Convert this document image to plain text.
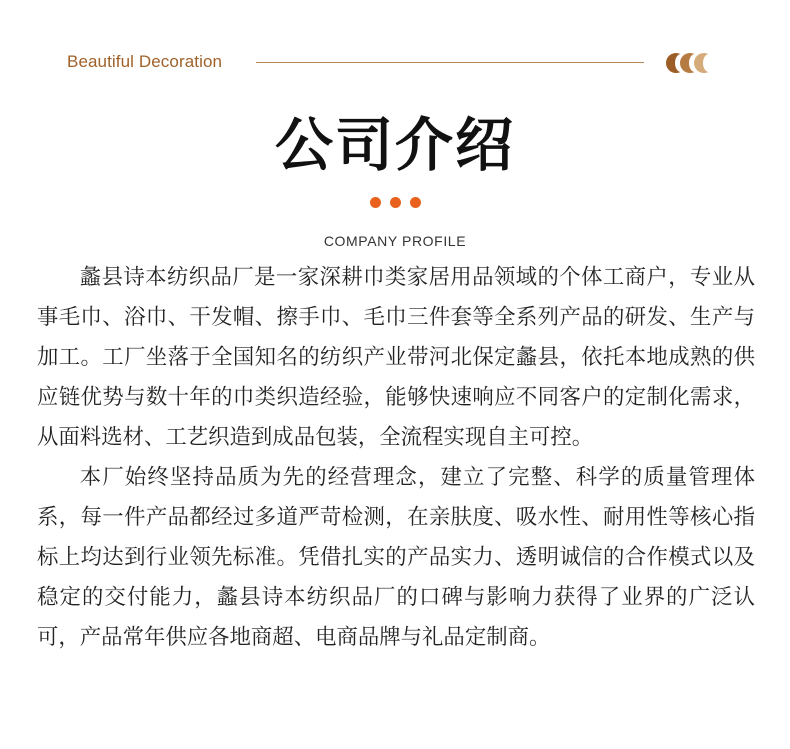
Beautiful Decoration
公司介绍
COMPANY PROFILE

蠡县诗本纺织品厂是一家深耕巾类家居用品领域的个体工商户，专业从事毛巾、浴巾、干发帽、擦手巾、毛巾三件套等全系列产品的研发、生产与加工。工厂坐落于全国知名的纺织产业带河北保定蠡县，依托本地成熟的供应链优势与数十年的巾类织造经验，能够快速响应不同客户的定制化需求，从面料选材、工艺织造到成品包装，全流程实现自主可控。

本厂始终坚持品质为先的经营理念，建立了完整、科学的质量管理体系，每一件产品都经过多道严苛检测，在亲肤度、吸水性、耐用性等核心指标上均达到行业领先标准。凭借扎实的产品实力、透明诚信的合作模式以及稳定的交付能力，蠡县诗本纺织品厂的口碑与影响力获得了业界的广泛认可，产品常年供应各地商超、电商品牌与礼品定制商。
